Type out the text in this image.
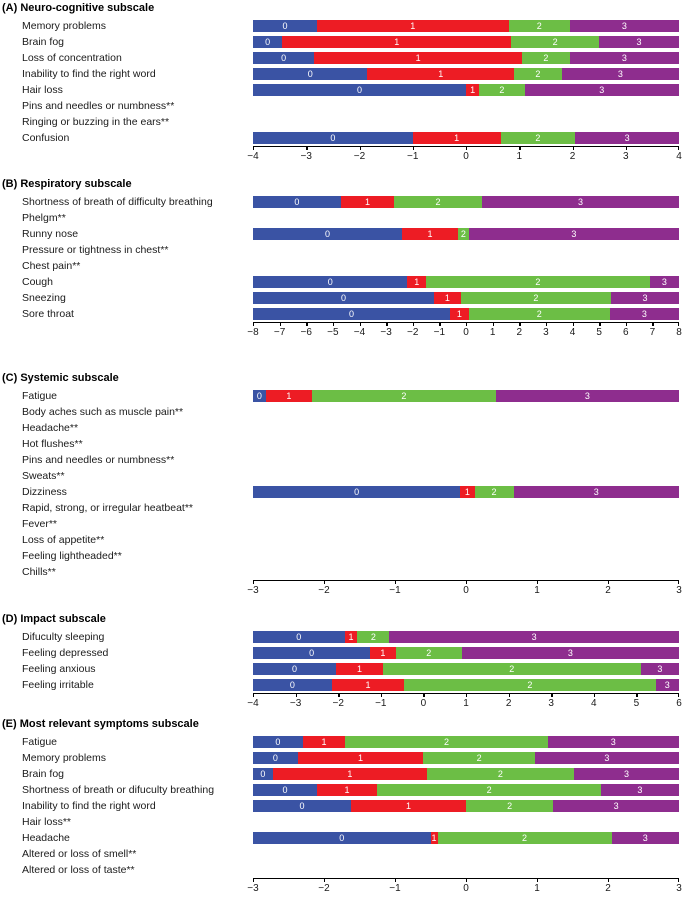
(A) Neuro-cognitive subscale
Memory problems	0	1	2	3
Brain fog	0	1	2	3
Loss of concentration	0	1	2	3
Inability to find the right word	0	1	2	3
Hair loss	0	1	2	3
Pins and needles or numbness**
Ringing or buzzing in the ears**
Confusion	0	1	2	3
−4	−3	−2	−1	0	1	2	3	4
(B) Respiratory subscale
Shortness of breath of difficulty breathing	0	1	2	3
Phelgm**
Runny nose	0	1	2	3
Pressure or tightness in chest**
Chest pain**
Cough	0	1	2	3
Sneezing	0	1	2	3
Sore throat	0	1	2	3
−8 −7 −6 −5 −4 −3 −2 −1 0 1 2 3 4 5 6 7 8
(C) Systemic subscale
Fatigue	0	1	2	3
Body aches such as muscle pain**
Headache**
Hot flushes**
Pins and needles or numbness**
Sweats**
Dizziness	0	1	2	3
Rapid, strong, or irregular heatbeat**
Fever**
Loss of appetite**
Feeling lightheaded**
Chills**
−3	−2	−1	0	1	2	3
(D) Impact subscale
Difuculty sleeping	0	1	2	3
Feeling depressed	0	1	2	3
Feeling anxious	0	1	2	3
Feeling irritable	0	1	2	3
−4	−3	−2	−1	0	1	2	3	4	5	6
(E) Most relevant symptoms subscale
Fatigue	0	1	2	3
Memory problems	0	1	2	3
Brain fog	0	1	2	3
Shortness of breath or difuculty breathing	0	1	2	3
Inability to find the right word	0	1	2	3
Hair loss**
Headache	0	1	2	3
Altered or loss of smell**
Altered or loss of taste**
−3	−2	−1	0	1	2	3
